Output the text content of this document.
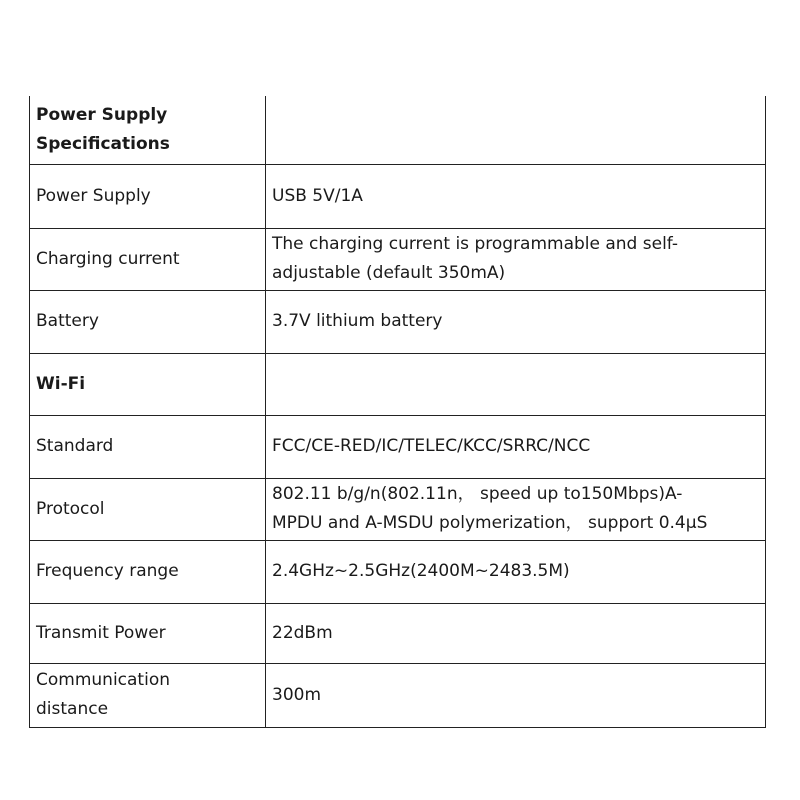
Power Supply
Specifications	

Power Supply	USB 5V/1A

Charging current	The charging current is programmable and self-
adjustable (default 350mA)

Battery	3.7V lithium battery

Wi-Fi	

Standard	FCC/CE-RED/IC/TELEC/KCC/SRRC/NCC

Protocol	802.11 b/g/n(802.11n， speed up to150Mbps)A-
MPDU and A-MSDU polymerization， support 0.4μS

Frequency range	2.4GHz~2.5GHz(2400M~2483.5M)

Transmit Power	22dBm

Communication
distance	300m
